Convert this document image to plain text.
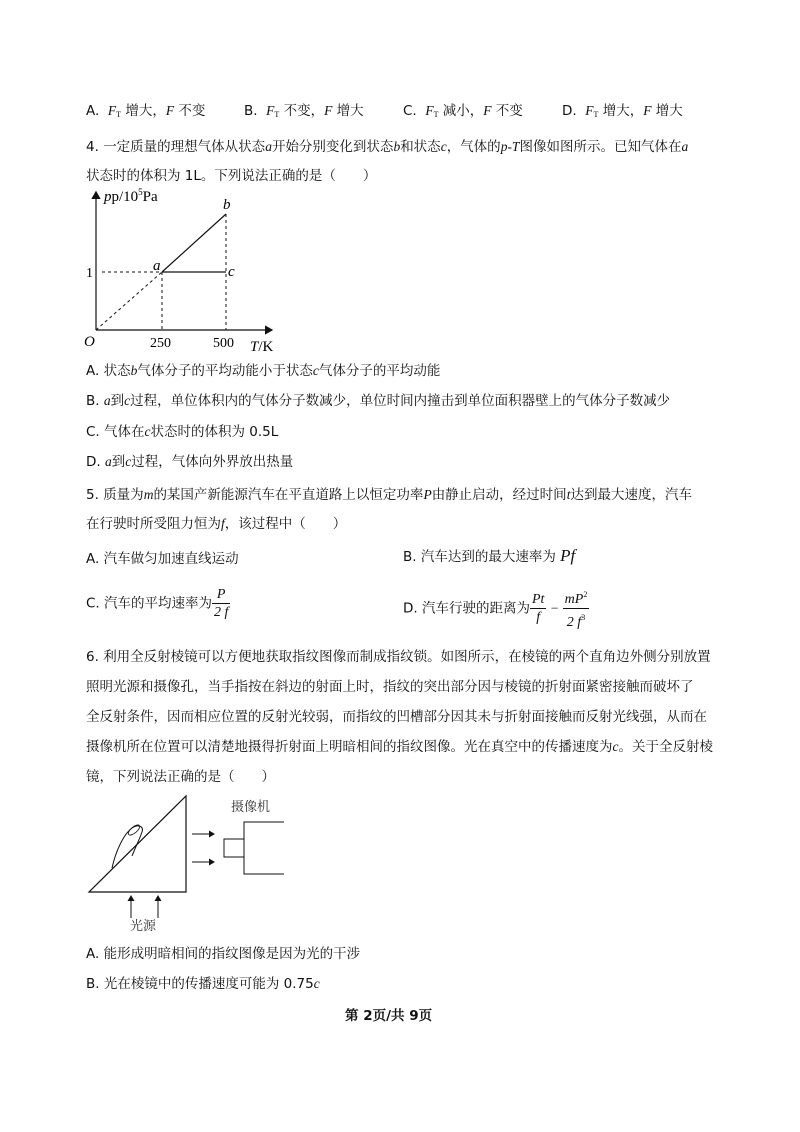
A. $F_T$ 增大，F 不变	B. $F_T$ 不变，F 增大	C. $F_T$ 减小，F 不变	D. $F_T$ 增大，F 增大
4. 一定质量的理想气体从状态a开始分别变化到状态b和状态c，气体的p-T图像如图所示。已知气体在a
状态时的体积为 1L。下列说法正确的是（　　）
$pp/10^5Pa$
O
1
250	500 T/K
a
b
c
A. 状态b气体分子的平均动能小于状态c气体分子的平均动能
B. a到c过程，单位体积内的气体分子数减少，单位时间内撞击到单位面积器壁上的气体分子数减少
C. 气体在c状态时的体积为 0.5L
D. a到c过程，气体向外界放出热量
5. 质量为m的某国产新能源汽车在平直道路上以恒定功率P由静止启动，经过时间t达到最大速度，汽车
在行驶时所受阻力恒为f，该过程中（　　）
A. 汽车做匀加速直线运动	B. 汽车达到的最大速率为 Pf
C. 汽车的平均速率为 $\frac{P}{2 f}$	D. 汽车行驶的距离为 $\frac{Pt}{f} - \frac{mP^2}{2 f^3}$
6. 利用全反射棱镜可以方便地获取指纹图像而制成指纹锁。如图所示，在棱镜的两个直角边外侧分别放置
照明光源和摄像孔，当手指按在斜边的射面上时，指纹的突出部分因与棱镜的折射面紧密接触而破坏了
全反射条件，因而相应位置的反射光较弱，而指纹的凹槽部分因其未与折射面接触而反射光线强，从而在
摄像机所在位置可以清楚地摄得折射面上明暗相间的指纹图像。光在真空中的传播速度为c。关于全反射棱
镜，下列说法正确的是（　　）
摄像机
光源
A. 能形成明暗相间的指纹图像是因为光的干涉
B. 光在棱镜中的传播速度可能为 0.75c
第 2页/共 9页
